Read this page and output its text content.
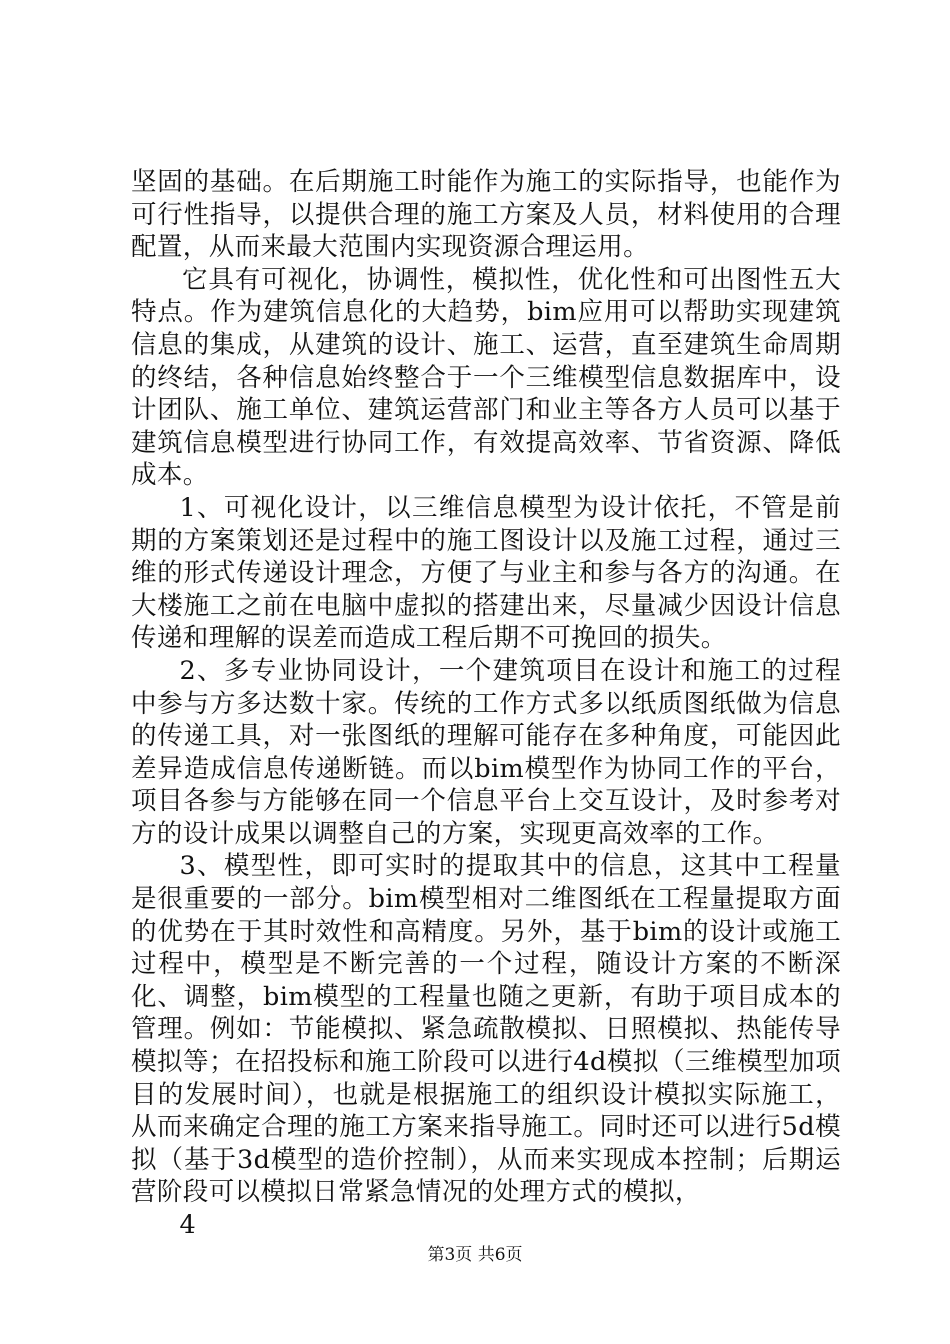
坚固的基础。在后期施工时能作为施工的实际指导，也能作为可行性指导，以提供合理的施工方案及人员，材料使用的合理配置，从而来最大范围内实现资源合理运用。

它具有可视化，协调性，模拟性，优化性和可出图性五大特点。作为建筑信息化的大趋势，bim应用可以帮助实现建筑信息的集成，从建筑的设计、施工、运营，直至建筑生命周期的终结，各种信息始终整合于一个三维模型信息数据库中，设计团队、施工单位、建筑运营部门和业主等各方人员可以基于建筑信息模型进行协同工作，有效提高效率、节省资源、降低成本。

1、可视化设计，以三维信息模型为设计依托，不管是前期的方案策划还是过程中的施工图设计以及施工过程，通过三维的形式传递设计理念，方便了与业主和参与各方的沟通。在大楼施工之前在电脑中虚拟的搭建出来，尽量减少因设计信息传递和理解的误差而造成工程后期不可挽回的损失。

2、多专业协同设计，一个建筑项目在设计和施工的过程中参与方多达数十家。传统的工作方式多以纸质图纸做为信息的传递工具，对一张图纸的理解可能存在多种角度，可能因此差异造成信息传递断链。而以bim模型作为协同工作的平台，项目各参与方能够在同一个信息平台上交互设计，及时参考对方的设计成果以调整自己的方案，实现更高效率的工作。

3、模型性，即可实时的提取其中的信息，这其中工程量是很重要的一部分。bim模型相对二维图纸在工程量提取方面的优势在于其时效性和高精度。另外，基于bim的设计或施工过程中，模型是不断完善的一个过程，随设计方案的不断深化、调整，bim模型的工程量也随之更新，有助于项目成本的管理。例如：节能模拟、紧急疏散模拟、日照模拟、热能传导模拟等；在招投标和施工阶段可以进行4d模拟（三维模型加项目的发展时间），也就是根据施工的组织设计模拟实际施工，从而来确定合理的施工方案来指导施工。同时还可以进行5d模拟（基于3d模型的造价控制），从而来实现成本控制；后期运营阶段可以模拟日常紧急情况的处理方式的模拟，

4

第3页 共6页
